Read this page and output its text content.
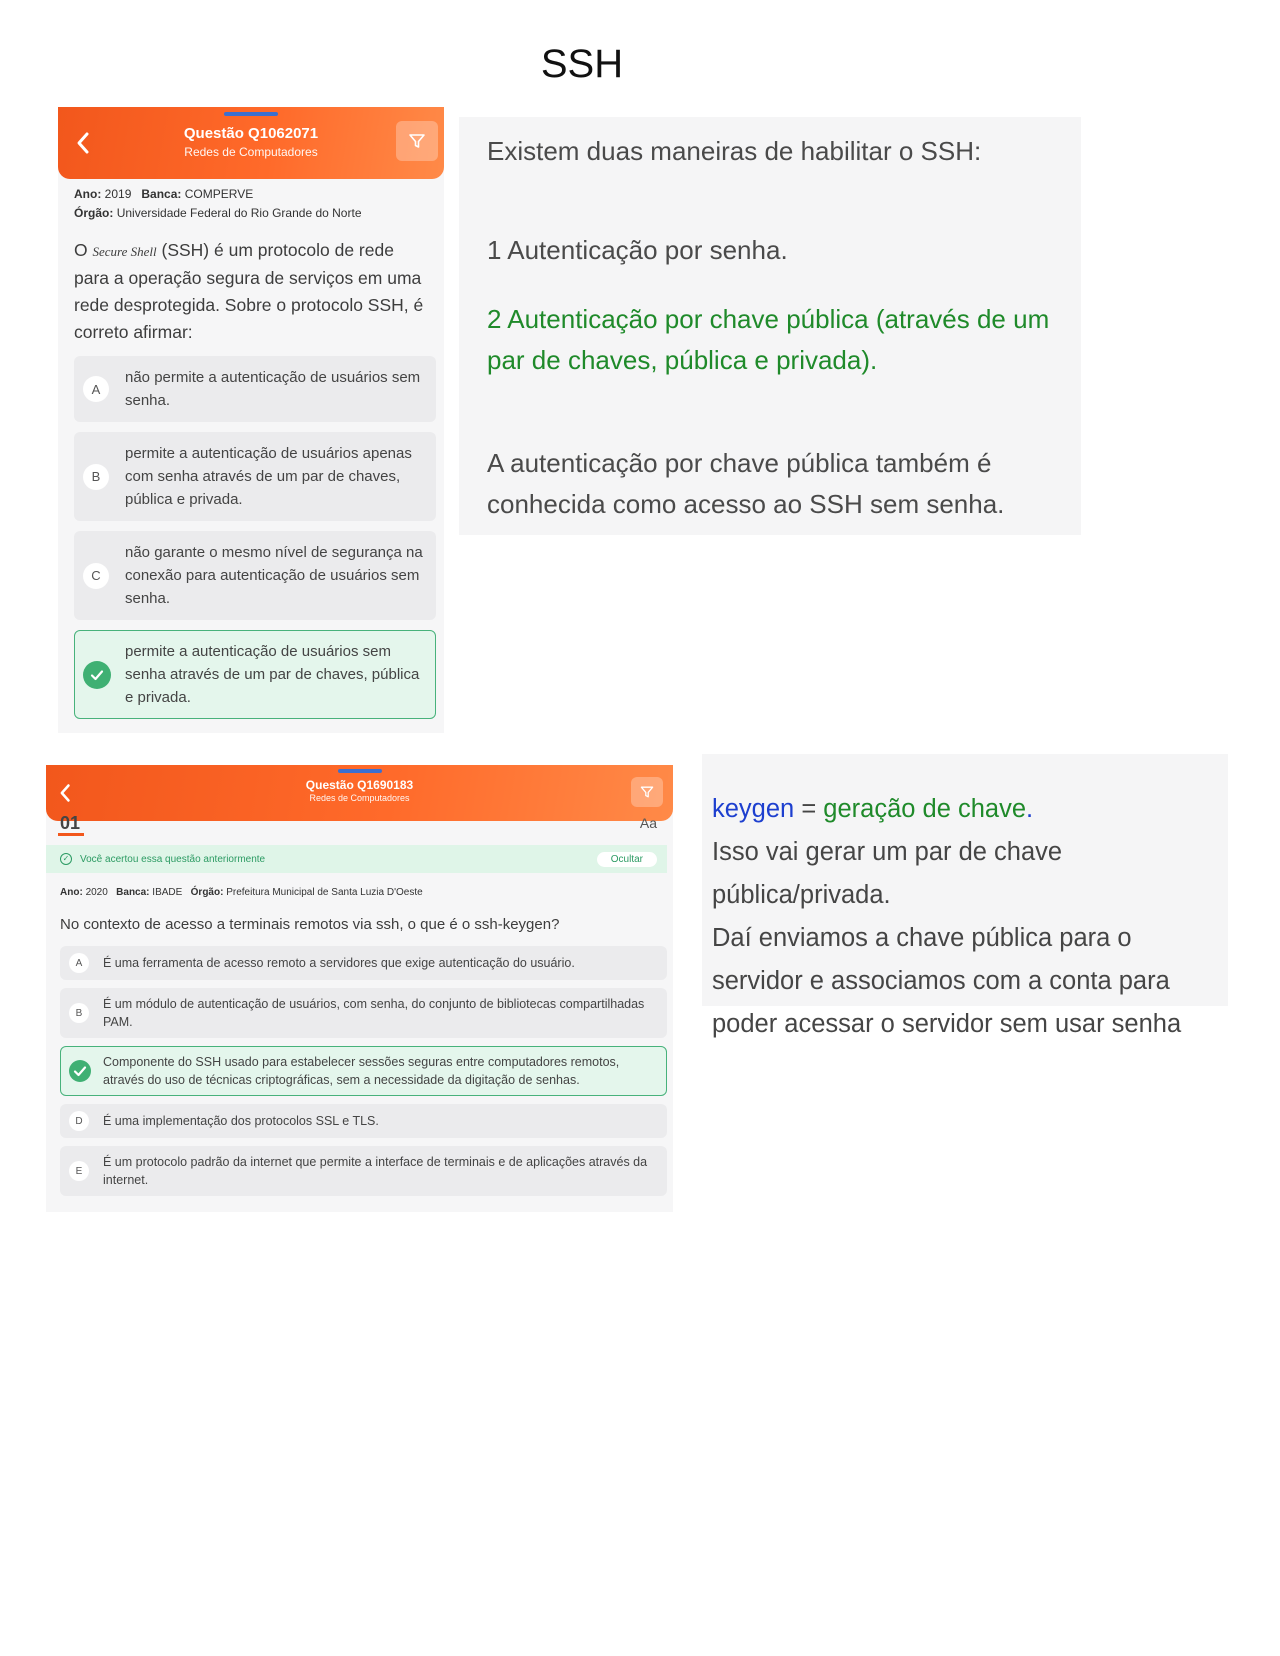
SSH
Questão Q1062071
Redes de Computadores
Ano: 2019 Banca: COMPERVE
Órgão: Universidade Federal do Rio Grande do Norte
O Secure Shell (SSH) é um protocolo de rede para a operação segura de serviços em uma rede desprotegida. Sobre o protocolo SSH, é correto afirmar:
A
não permite a autenticação de usuários sem senha.
B
permite a autenticação de usuários apenas com senha através de um par de chaves, pública e privada.
C
não garante o mesmo nível de segurança na conexão para autenticação de usuários sem senha.
permite a autenticação de usuários sem senha através de um par de chaves, pública e privada.

Existem duas maneiras de habilitar o SSH:

1 Autenticação por senha.

2 Autenticação por chave pública (através de um par de chaves, pública e privada).

A autenticação por chave pública também é conhecida como acesso ao SSH sem senha.

Questão Q1690183
Redes de Computadores
01	Aa
✓ Você acertou essa questão anteriormente	Ocultar
Ano: 2020 Banca: IBADE Órgão: Prefeitura Municipal de Santa Luzia D'Oeste
No contexto de acesso a terminais remotos via ssh, o que é o ssh-keygen?
A	É uma ferramenta de acesso remoto a servidores que exige autenticação do usuário.
B
É um módulo de autenticação de usuários, com senha, do conjunto de bibliotecas compartilhadas PAM.
Componente do SSH usado para estabelecer sessões seguras entre computadores remotos, através do uso de técnicas criptográficas, sem a necessidade da digitação de senhas.
D	É uma implementação dos protocolos SSL e TLS.
E
É um protocolo padrão da internet que permite a interface de terminais e de aplicações através da internet.
keygen = geração de chave.
Isso vai gerar um par de chave pública/privada.
Daí enviamos a chave pública para o servidor e associamos com a conta para poder acessar o servidor sem usar senha
